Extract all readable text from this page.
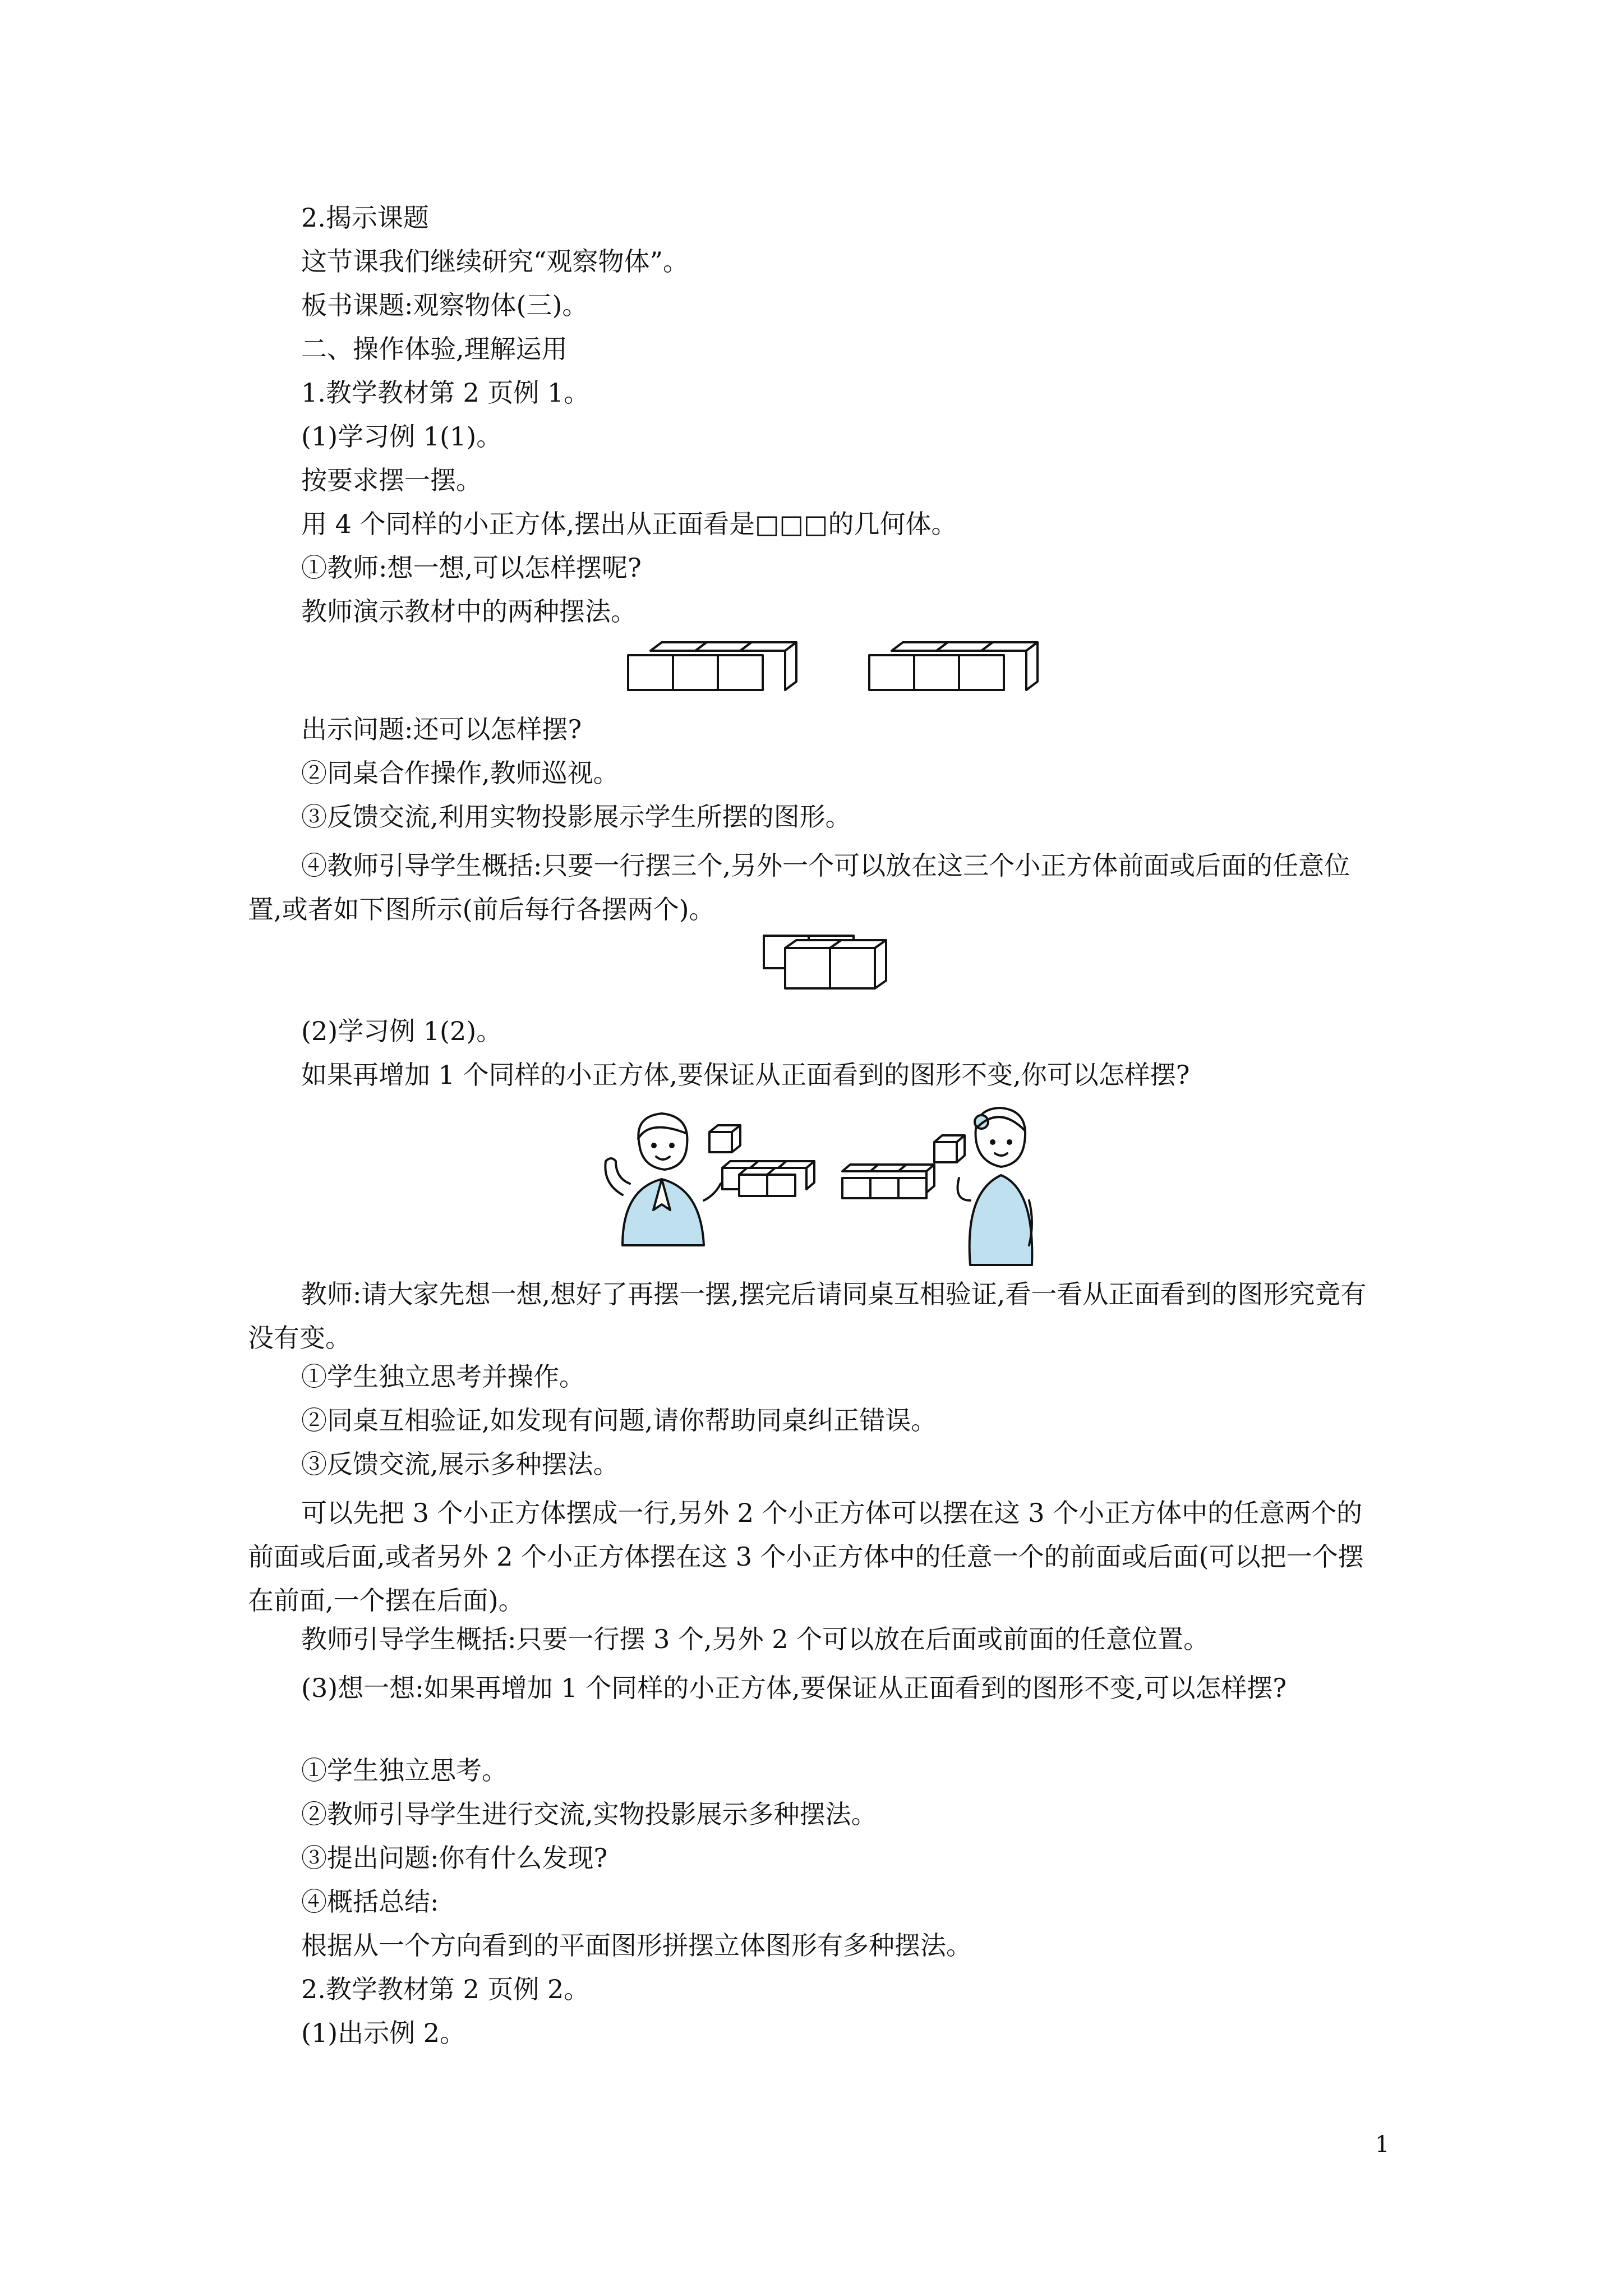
2.揭示课题
这节课我们继续研究“观察物体”。
板书课题:观察物体(三)。
二、操作体验,理解运用
1.教学教材第 2 页例 1。
(1)学习例 1(1)。
按要求摆一摆。
用 4 个同样的小正方体,摆出从正面看是□□□的几何体。
①教师:想一想,可以怎样摆呢?
教师演示教材中的两种摆法。
出示问题:还可以怎样摆?
②同桌合作操作,教师巡视。
③反馈交流,利用实物投影展示学生所摆的图形。
④教师引导学生概括:只要一行摆三个,另外一个可以放在这三个小正方体前面或后面的任意位置,或者如下图所示(前后每行各摆两个)。
(2)学习例 1(2)。
如果再增加 1 个同样的小正方体,要保证从正面看到的图形不变,你可以怎样摆?
教师:请大家先想一想,想好了再摆一摆,摆完后请同桌互相验证,看一看从正面看到的图形究竟有没有变。
①学生独立思考并操作。
②同桌互相验证,如发现有问题,请你帮助同桌纠正错误。
③反馈交流,展示多种摆法。
可以先把 3 个小正方体摆成一行,另外 2 个小正方体可以摆在这 3 个小正方体中的任意两个的前面或后面,或者另外 2 个小正方体摆在这 3 个小正方体中的任意一个的前面或后面(可以把一个摆在前面,一个摆在后面)。
教师引导学生概括:只要一行摆 3 个,另外 2 个可以放在后面或前面的任意位置。
(3)想一想:如果再增加 1 个同样的小正方体,要保证从正面看到的图形不变,可以怎样摆?
①学生独立思考。
②教师引导学生进行交流,实物投影展示多种摆法。
③提出问题:你有什么发现?
④概括总结:
根据从一个方向看到的平面图形拼摆立体图形有多种摆法。
2.教学教材第 2 页例 2。
(1)出示例 2。
1
